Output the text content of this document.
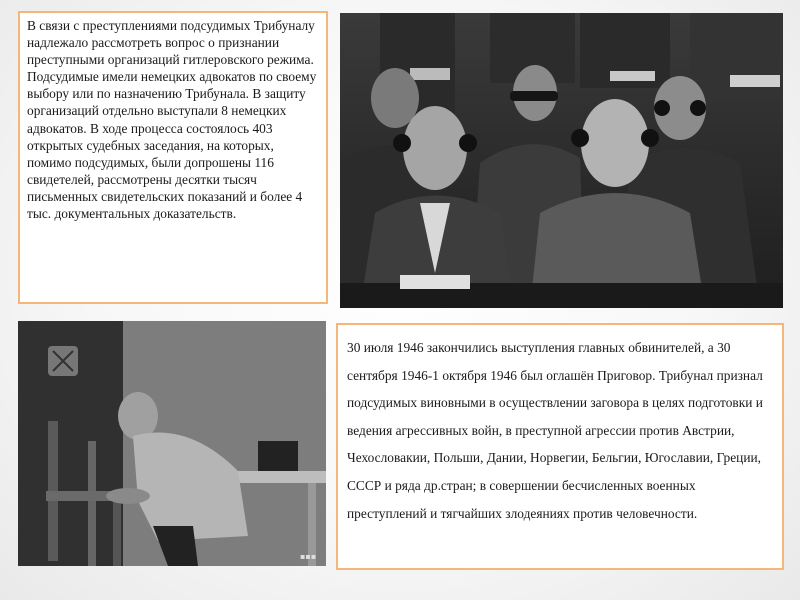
В связи с преступлениями подсудимых Трибуналу надлежало рассмотреть вопрос о признании преступными организаций гитлеровского режима. Подсудимые имели немецких адвокатов по своему выбору или по назначению Трибунала. В защиту организаций отдельно выступали 8 немецких адвокатов. В ходе процесса состоялось 403 открытых судебных заседания, на которых, помимо подсудимых, были допрошены 116 свидетелей, рассмотрены десятки тысяч письменных свидетельских показаний и более 4 тыс. документальных доказательств.
▪▪▪
30 июля 1946 закончились выступления главных обвинителей, а 30 сентября 1946-1 октября 1946 был оглашён Приговор. Трибунал признал подсудимых виновными в осуществлении заговора в целях подготовки и ведения агрессивных войн, в преступной агрессии против Австрии, Чехословакии, Польши, Дании, Норвегии, Бельгии, Югославии, Греции, СССР и ряда др.стран; в совершении бесчисленных военных преступлений и тягчайших злодеяниях против человечности.
